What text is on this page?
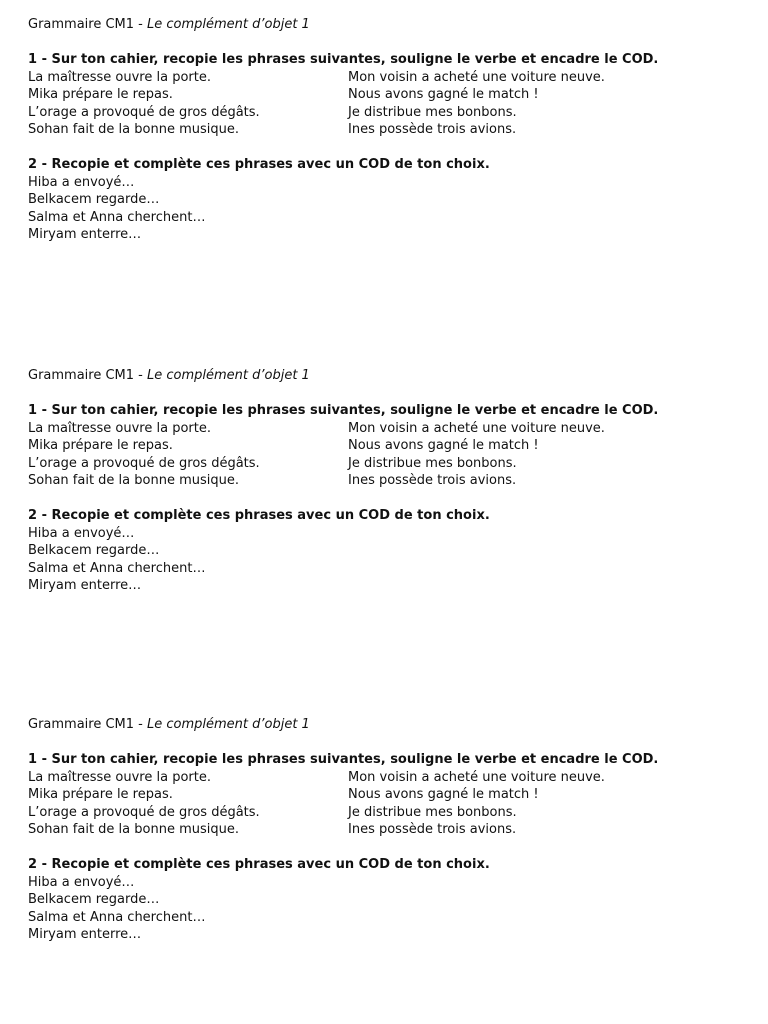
Grammaire CM1 - Le complément d’objet 1
1 - Sur ton cahier, recopie les phrases suivantes, souligne le verbe et encadre le COD.
La maîtresse ouvre la porte.
Mika prépare le repas.
L’orage a provoqué de gros dégâts.
Sohan fait de la bonne musique.
Mon voisin a acheté une voiture neuve.
Nous avons gagné le match !
Je distribue mes bonbons.
Ines possède trois avions.
2 - Recopie et complète ces phrases avec un COD de ton choix.
Hiba a envoyé…
Belkacem regarde…
Salma et Anna cherchent…
Miryam enterre…
Grammaire CM1 - Le complément d’objet 1
1 - Sur ton cahier, recopie les phrases suivantes, souligne le verbe et encadre le COD.
La maîtresse ouvre la porte.
Mika prépare le repas.
L’orage a provoqué de gros dégâts.
Sohan fait de la bonne musique.
Mon voisin a acheté une voiture neuve.
Nous avons gagné le match !
Je distribue mes bonbons.
Ines possède trois avions.
2 - Recopie et complète ces phrases avec un COD de ton choix.
Hiba a envoyé…
Belkacem regarde…
Salma et Anna cherchent…
Miryam enterre…
Grammaire CM1 - Le complément d’objet 1
1 - Sur ton cahier, recopie les phrases suivantes, souligne le verbe et encadre le COD.
La maîtresse ouvre la porte.
Mika prépare le repas.
L’orage a provoqué de gros dégâts.
Sohan fait de la bonne musique.
Mon voisin a acheté une voiture neuve.
Nous avons gagné le match !
Je distribue mes bonbons.
Ines possède trois avions.
2 - Recopie et complète ces phrases avec un COD de ton choix.
Hiba a envoyé…
Belkacem regarde…
Salma et Anna cherchent…
Miryam enterre…
